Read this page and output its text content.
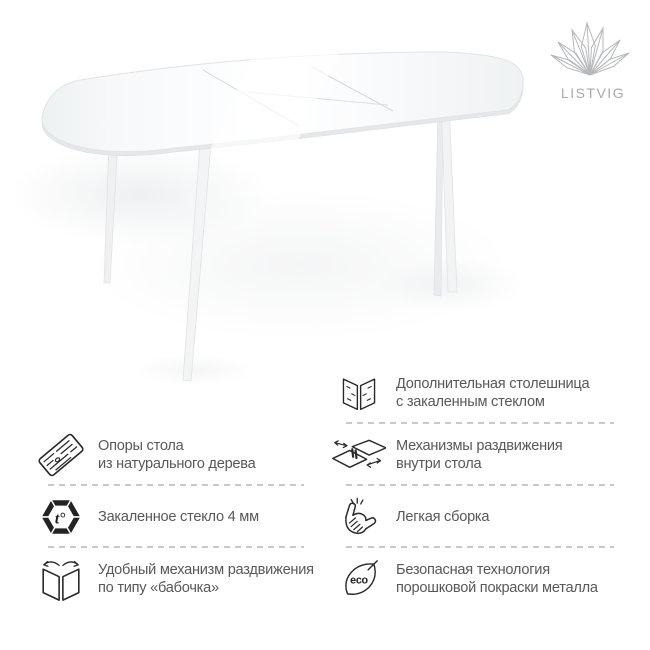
LISTVIG
Опоры стола
из натурального дерева
t° Закаленное стекло 4 мм
Удобный механизм раздвижения
по типу «бабочка»
Дополнительная столешница
с закаленным стеклом
Механизмы раздвижения
внутри стола
Легкая сборка
eco
Безопасная технология
порошковой покраски металла
